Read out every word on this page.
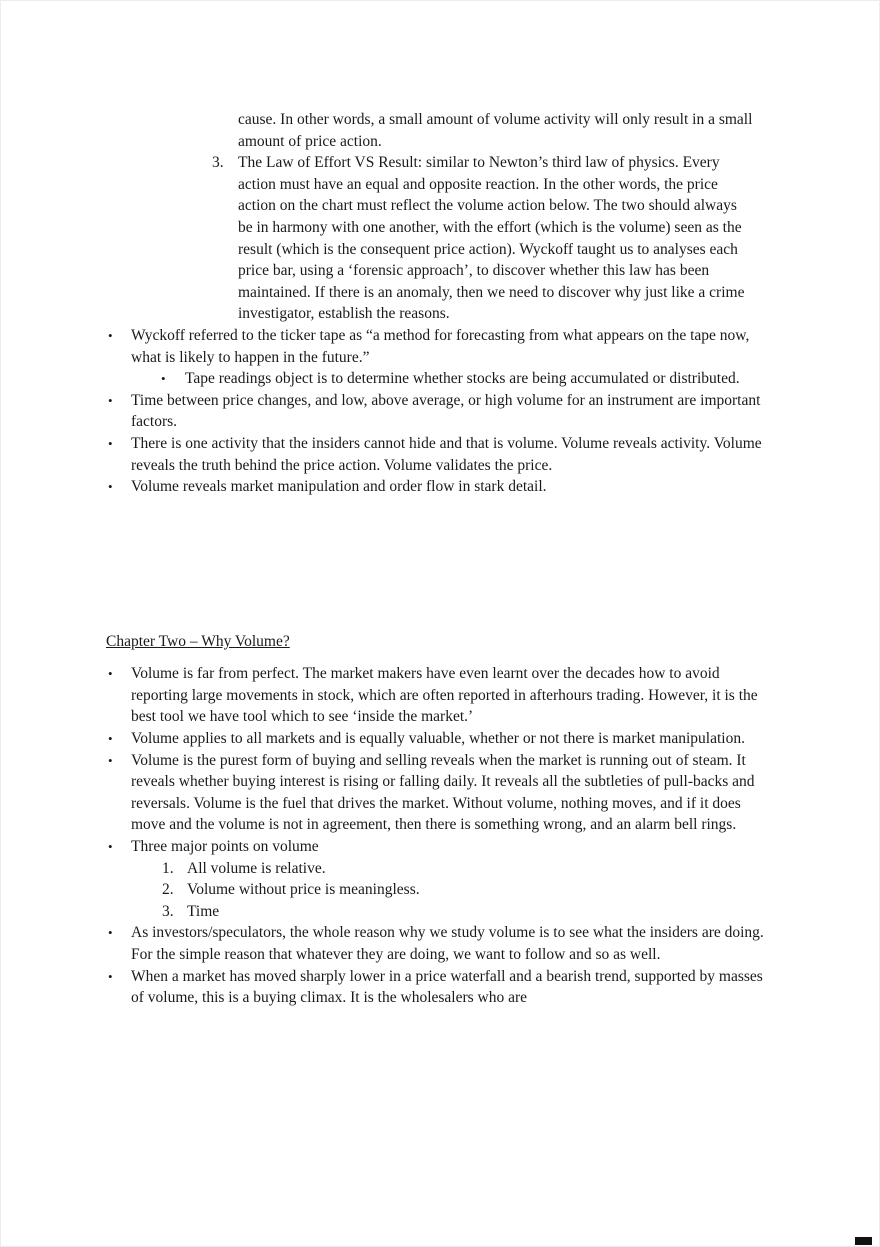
cause. In other words, a small amount of volume activity will only result in a small amount of price action.

3. The Law of Effort VS Result: similar to Newton’s third law of physics. Every action must have an equal and opposite reaction. In the other words, the price action on the chart must reflect the volume action below. The two should always be in harmony with one another, with the effort (which is the volume) seen as the result (which is the consequent price action). Wyckoff taught us to analyses each price bar, using a ‘forensic approach’, to discover whether this law has been maintained. If there is an anomaly, then we need to discover why just like a crime investigator, establish the reasons.
•	Wyckoff referred to the ticker tape as “a method for forecasting from what appears on the tape now, what is likely to happen in the future.”
•	Tape readings object is to determine whether stocks are being accumulated or distributed.
•	Time between price changes, and low, above average, or high volume for an instrument are important factors.
•	There is one activity that the insiders cannot hide and that is volume. Volume reveals activity. Volume reveals the truth behind the price action. Volume validates the price.
•	Volume reveals market manipulation and order flow in stark detail.
Chapter Two – Why Volume?
•	Volume is far from perfect. The market makers have even learnt over the decades how to avoid reporting large movements in stock, which are often reported in afterhours trading. However, it is the best tool we have tool which to see ‘inside the market.’
•	Volume applies to all markets and is equally valuable, whether or not there is market manipulation.
•	Volume is the purest form of buying and selling reveals when the market is running out of steam. It reveals whether buying interest is rising or falling daily. It reveals all the subtleties of pull-backs and reversals. Volume is the fuel that drives the market. Without volume, nothing moves, and if it does move and the volume is not in agreement, then there is something wrong, and an alarm bell rings.
•	Three major points on volume
1. All volume is relative.
2. Volume without price is meaningless.
3. Time
•	As investors/speculators, the whole reason why we study volume is to see what the insiders are doing. For the simple reason that whatever they are doing, we want to follow and so as well.
•	When a market has moved sharply lower in a price waterfall and a bearish trend, supported by masses of volume, this is a buying climax. It is the wholesalers who are
